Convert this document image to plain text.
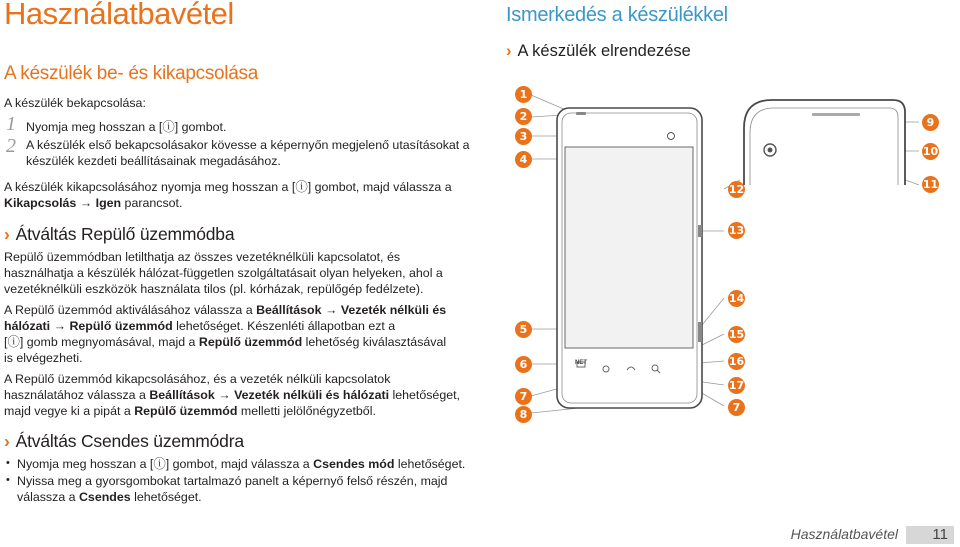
Használatbavétel
A készülék be- és kikapcsolása

A készülék bekapcsolása:

1 Nyomja meg hosszan a [ⓘ] gombot.

2 A készülék első bekapcsolásakor kövesse a képernyőn megjelenő utasításokat a

készülék kezdeti beállításainak megadásához.

A készülék kikapcsolásához nyomja meg hosszan a [ⓘ] gombot, majd válassza a

Kikapcsolás → Igen parancsot.

› Átváltás Repülő üzemmódba

Repülő üzemmódban letilthatja az összes vezetéknélküli kapcsolatot, és

használhatja a készülék hálózat-független szolgáltatásait olyan helyeken, ahol a

vezetéknélküli eszközök használata tilos (pl. kórházak, repülőgép fedélzete).

A Repülő üzemmód aktiválásához válassza a Beállítások → Vezeték nélküli és

hálózati → Repülő üzemmód lehetőséget. Készenléti állapotban ezt a

[ⓘ] gomb megnyomásával, majd a Repülő üzemmód lehetőség kiválasztásával

is elvégezheti.

A Repülő üzemmód kikapcsolásához, és a vezeték nélküli kapcsolatok

használatához válassza a Beállítások → Vezeték nélküli és hálózati lehetőséget,

majd vegye ki a pipát a Repülő üzemmód melletti jelölőnégyzetből.

› Átváltás Csendes üzemmódra
• Nyomja meg hosszan a [ⓘ] gombot, majd válassza a Csendes mód lehetőséget.

• Nyissa meg a gyorsgombokat tartalmazó panelt a képernyő felső részén, majd

válassza a Csendes lehetőséget.

Ismerkedés a készülékkel
› A készülék elrendezése
1
2
3
4
5
6
7
8
9
10
11
12
13
14
15
16
17
7
NET
Használatbavétel	11
